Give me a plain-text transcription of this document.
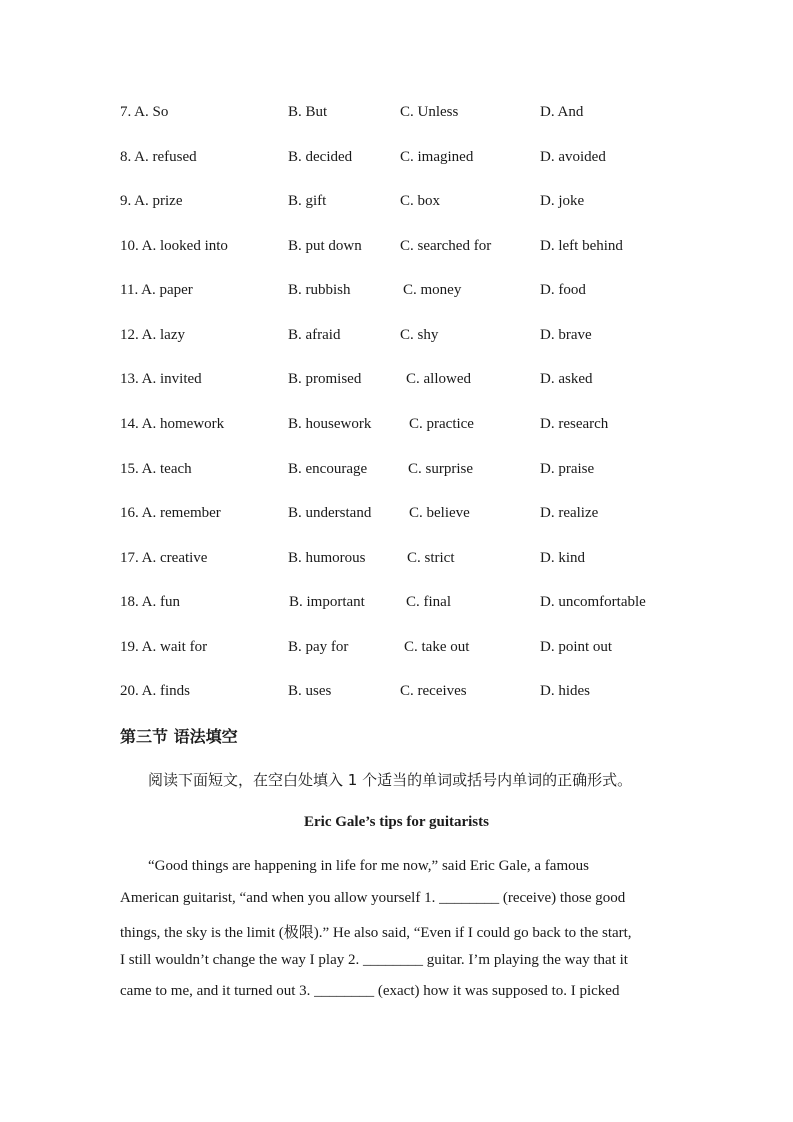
7. A. So	B. But	C. Unless	D. And
8. A. refused	B. decided	C. imagined	D. avoided
9. A. prize	B. gift	C. box	D. joke
10. A. looked into	B. put down	C. searched for	D. left behind
11. A. paper	B. rubbish	C. money	D. food
12. A. lazy	B. afraid	C. shy	D. brave
13. A. invited	B. promised	C. allowed	D. asked
14. A. homework	B. housework	C. practice	D. research
15. A. teach	B. encourage	C. surprise	D. praise
16. A. remember	B. understand	C. believe	D. realize
17. A. creative	B. humorous	C. strict	D. kind
18. A. fun	B. important	C. final	D. uncomfortable
19. A. wait for	B. pay for	C. take out	D. point out
20. A. finds	B. uses	C. receives	D. hides
第三节 语法填空
阅读下面短文，在空白处填入 1 个适当的单词或括号内单词的正确形式。
Eric Gale’s tips for guitarists
“Good things are happening in life for me now,” said Eric Gale, a famous
American guitarist, “and when you allow yourself 1. ________ (receive) those good
things, the sky is the limit (极限).” He also said, “Even if I could go back to the start,
I still wouldn’t change the way I play 2. ________ guitar. I’m playing the way that it
came to me, and it turned out 3. ________ (exact) how it was supposed to. I picked
